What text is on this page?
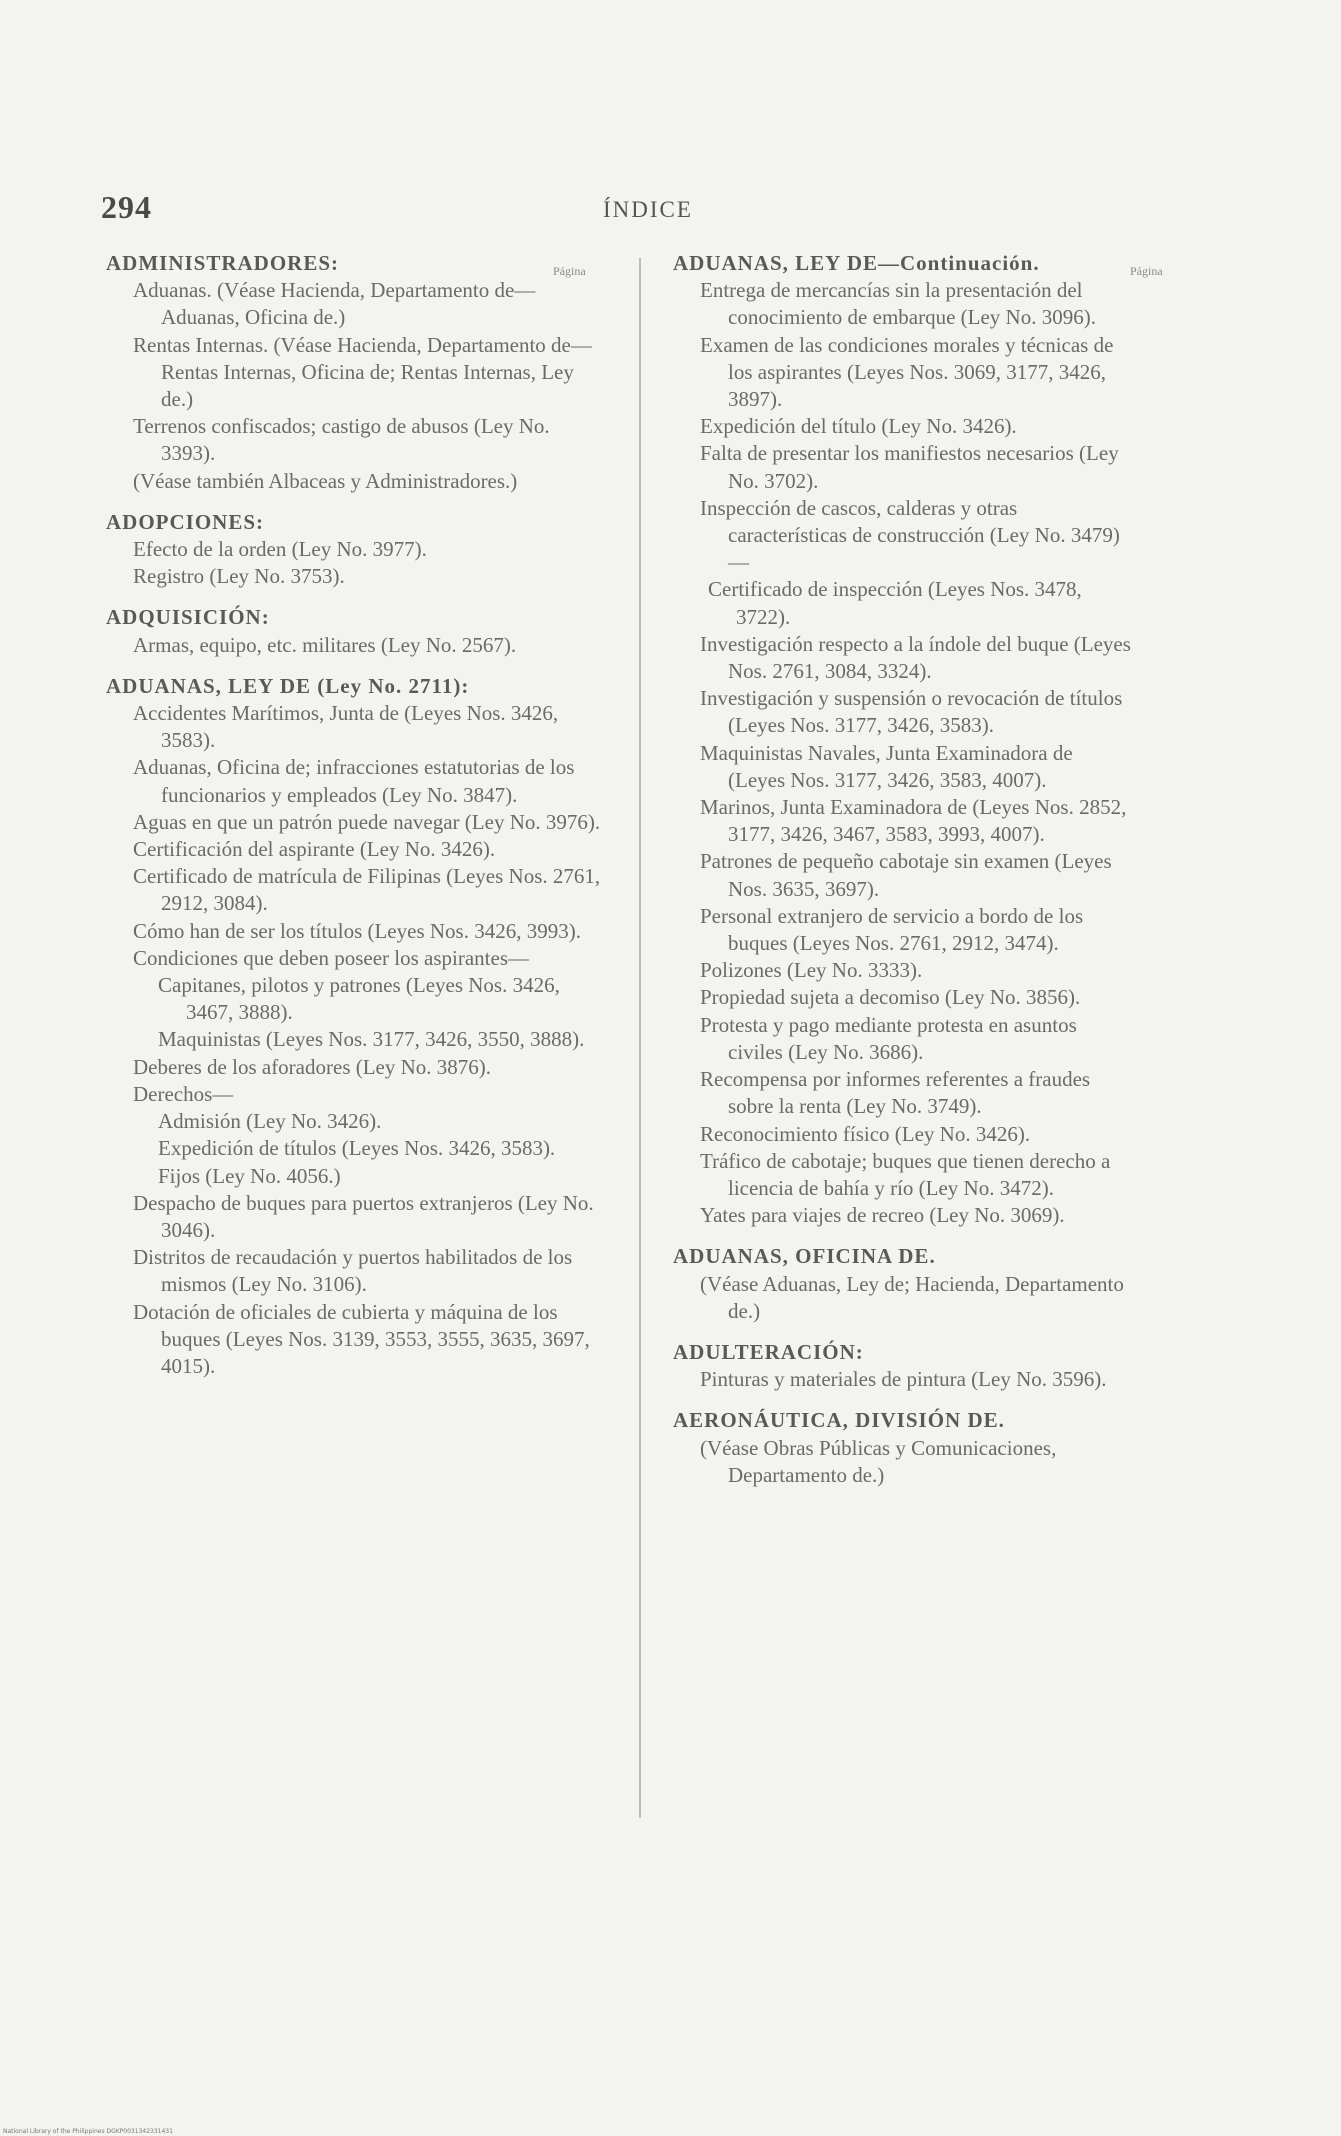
294	ÍNDICE
Página	Página
ADMINISTRADORES:
Aduanas. (Véase Hacienda, Departamento de—Aduanas, Oficina de.)
Rentas Internas. (Véase Hacienda, Departamento de—Rentas Internas, Oficina de; Rentas Internas, Ley de.)
Terrenos confiscados; castigo de abusos (Ley No. 3393).
(Véase también Albaceas y Administradores.)
ADOPCIONES:
Efecto de la orden (Ley No. 3977).
Registro (Ley No. 3753).
ADQUISICIÓN:
Armas, equipo, etc. militares (Ley No. 2567).
ADUANAS, LEY DE (Ley No. 2711):
Accidentes Marítimos, Junta de (Leyes Nos. 3426, 3583).
Aduanas, Oficina de; infracciones estatutorias de los funcionarios y empleados (Ley No. 3847).
Aguas en que un patrón puede navegar (Ley No. 3976).
Certificación del aspirante (Ley No. 3426).
Certificado de matrícula de Filipinas (Leyes Nos. 2761, 2912, 3084).
Cómo han de ser los títulos (Leyes Nos. 3426, 3993).
Condiciones que deben poseer los aspirantes—
Capitanes, pilotos y patrones (Leyes Nos. 3426, 3467, 3888).
Maquinistas (Leyes Nos. 3177, 3426, 3550, 3888).
Deberes de los aforadores (Ley No. 3876).
Derechos—
Admisión (Ley No. 3426).
Expedición de títulos (Leyes Nos. 3426, 3583).
Fijos (Ley No. 4056.)
Despacho de buques para puertos extranjeros (Ley No. 3046).
Distritos de recaudación y puertos habilitados de los mismos (Ley No. 3106).
Dotación de oficiales de cubierta y máquina de los buques (Leyes Nos. 3139, 3553, 3555, 3635, 3697, 4015).
ADUANAS, LEY DE—Continuación.
Entrega de mercancías sin la presentación del conocimiento de embarque (Ley No. 3096).
Examen de las condiciones morales y técnicas de los aspirantes (Leyes Nos. 3069, 3177, 3426, 3897).
Expedición del título (Ley No. 3426).
Falta de presentar los manifiestos necesarios (Ley No. 3702).
Inspección de cascos, calderas y otras características de construcción (Ley No. 3479)—
Certificado de inspección (Leyes Nos. 3478, 3722).
Investigación respecto a la índole del buque (Leyes Nos. 2761, 3084, 3324).
Investigación y suspensión o revocación de títulos (Leyes Nos. 3177, 3426, 3583).
Maquinistas Navales, Junta Examinadora de (Leyes Nos. 3177, 3426, 3583, 4007).
Marinos, Junta Examinadora de (Leyes Nos. 2852, 3177, 3426, 3467, 3583, 3993, 4007).
Patrones de pequeño cabotaje sin examen (Leyes Nos. 3635, 3697).
Personal extranjero de servicio a bordo de los buques (Leyes Nos. 2761, 2912, 3474).
Polizones (Ley No. 3333).
Propiedad sujeta a decomiso (Ley No. 3856).
Protesta y pago mediante protesta en asuntos civiles (Ley No. 3686).
Recompensa por informes referentes a fraudes sobre la renta (Ley No. 3749).
Reconocimiento físico (Ley No. 3426).
Tráfico de cabotaje; buques que tienen derecho a licencia de bahía y río (Ley No. 3472).
Yates para viajes de recreo (Ley No. 3069).
ADUANAS, OFICINA DE.
(Véase Aduanas, Ley de; Hacienda, Departamento de.)
ADULTERACIÓN:
Pinturas y materiales de pintura (Ley No. 3596).
AERONÁUTICA, DIVISIÓN DE.
(Véase Obras Públicas y Comunicaciones, Departamento de.)
National Library of the Philippines DGKP0031342331431
